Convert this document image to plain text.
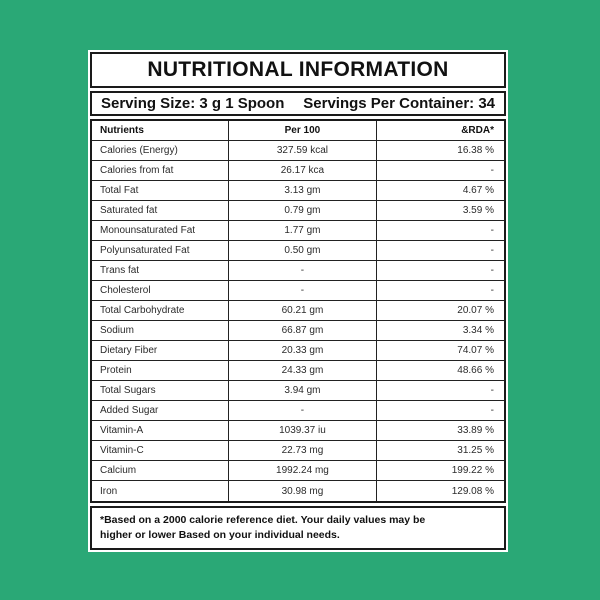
NUTRITIONAL INFORMATION
Serving Size: 3 g 1 Spoon Servings Per Container: 34
Nutrients	Per 100	&RDA*
Calories (Energy)	327.59 kcal	16.38 %
Calories from fat	26.17 kca	-
Total Fat	3.13 gm	4.67 %
Saturated fat	0.79 gm	3.59 %
Monounsaturated Fat	1.77 gm	-
Polyunsaturated Fat	0.50 gm	-
Trans fat	-	-
Cholesterol	-	-
Total Carbohydrate	60.21 gm	20.07 %
Sodium	66.87 gm	3.34 %
Dietary Fiber	20.33 gm	74.07 %
Protein	24.33 gm	48.66 %
Total Sugars	3.94 gm	-
Added Sugar	-	-
Vitamin-A	1039.37 iu	33.89 %
Vitamin-C	22.73 mg	31.25 %
Calcium	1992.24 mg	199.22 %
Iron	30.98 mg	129.08 %
*Based on a 2000 calorie reference diet. Your daily values may be
higher or lower Based on your individual needs.
